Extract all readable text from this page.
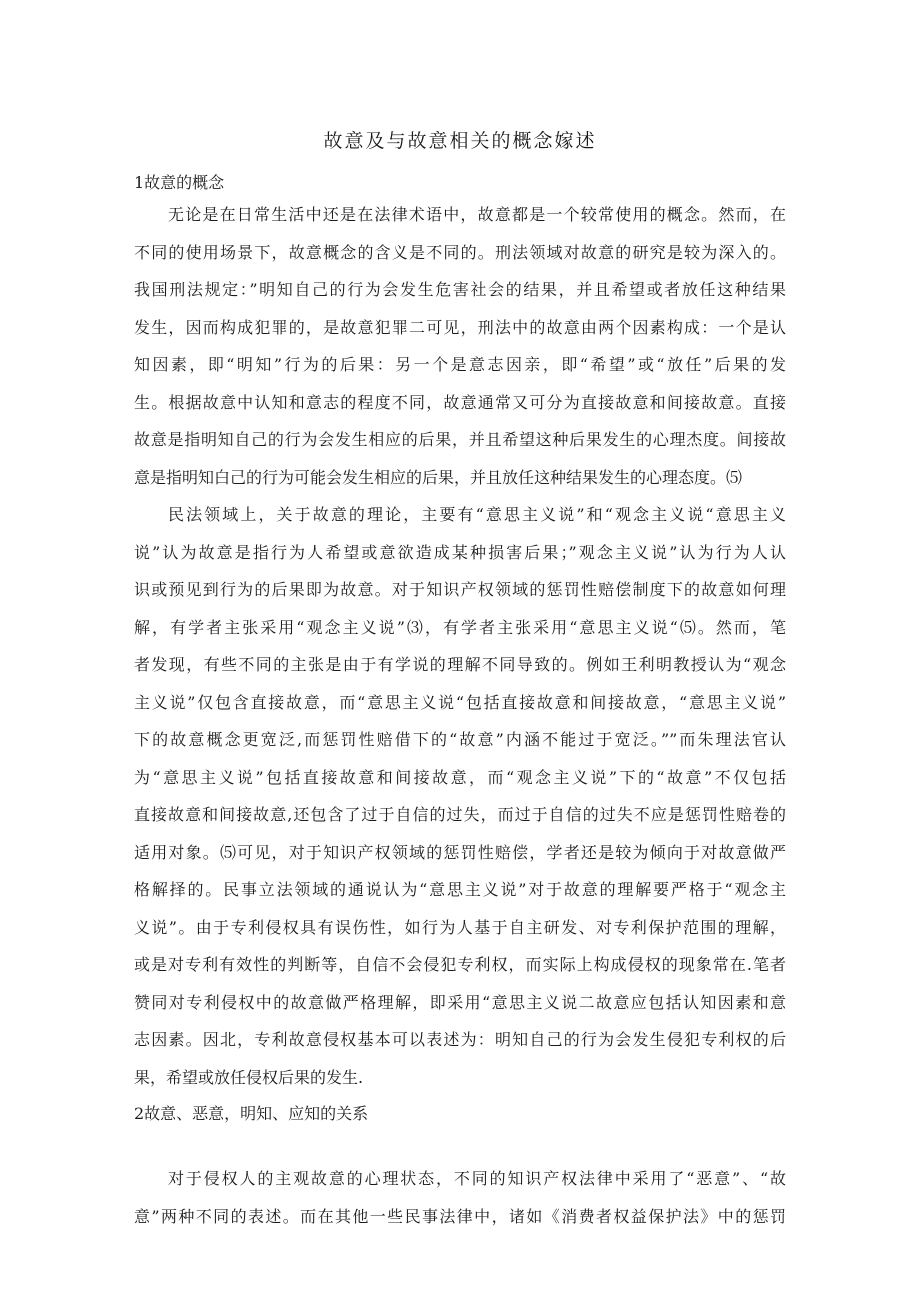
故意及与故意相关的概念嫁述
1故意的概念

无论是在日常生活中还是在法律术语中，故意都是一个较常使用的概念。然而，在
不同的使用场景下，故意概念的含义是不同的。刑法领域对故意的研究是较为深入的。
我国刑法规定：”明知自己的行为会发生危害社会的结果，并且希望或者放任这种结果
发生，因而构成犯罪的，是故意犯罪二可见，刑法中的故意由两个因素构成：一个是认
知因素，即“明知”行为的后果：另一个是意志因亲，即“希望”或“放任”后果的发
生。根据故意中认知和意志的程度不同，故意通常又可分为直接故意和间接故意。直接
故意是指明知自己的行为会发生相应的后果，并且希望这种后果发生的心理杰度。间接故
意是指明知白己的行为可能会发生相应的后果，并且放任这种结果发生的心理态度。⑸

民法领域上，关于故意的理论，主要有“意思主义说”和“观念主义说“意思主义
说”认为故意是指行为人希望或意欲造成某种损害后果；”观念主义说”认为行为人认
识或预见到行为的后果即为故意。对于知识产权领域的惩罚性赔偿制度下的故意如何理
解，有学者主张采用“观念主义说”⑶，有学者主张采用“意思主义说“⑸。然而，笔
者发现，有些不同的主张是由于有学说的理解不同导致的。例如王利明教授认为“观念
主义说”仅包含直接故意，而“意思主义说“包括直接故意和间接故意，“意思主义说”
下的故意概念更宽泛,而惩罚性赔借下的“故意”内涵不能过于宽泛。””而朱理法官认
为“意思主义说”包括直接故意和间接故意，而“观念主义说”下的“故意”不仅包括
直接故意和间接故意,还包含了过于自信的过失，而过于自信的过失不应是惩罚性赔卷的
适用对象。⑸可见，对于知识产权领域的惩罚性赔偿，学者还是较为倾向于对故意做严
格解择的。民事立法领域的通说认为“意思主义说”对于故意的理解要严格于“观念主
义说”。由于专利侵权具有误伤性，如行为人基于自主研发、对专利保护范围的理解，
或是对专利有效性的判断等，自信不会侵犯专利权，而实际上构成侵权的现象常在.笔者
赞同对专利侵权中的故意做严格理解，即采用“意思主义说二故意应包括认知因素和意
志因素。因北，专利故意侵权基本可以表述为：明知自己的行为会发生侵犯专利权的后
果，希望或放任侵权后果的发生.

2故意、恶意，明知、应知的关系

对于侵权人的主观故意的心理状态，不同的知识产权法律中采用了“恶意”、“故
意”两种不同的表述。而在其他一些民事法律中，诸如《消费者权益保护法》中的惩罚
